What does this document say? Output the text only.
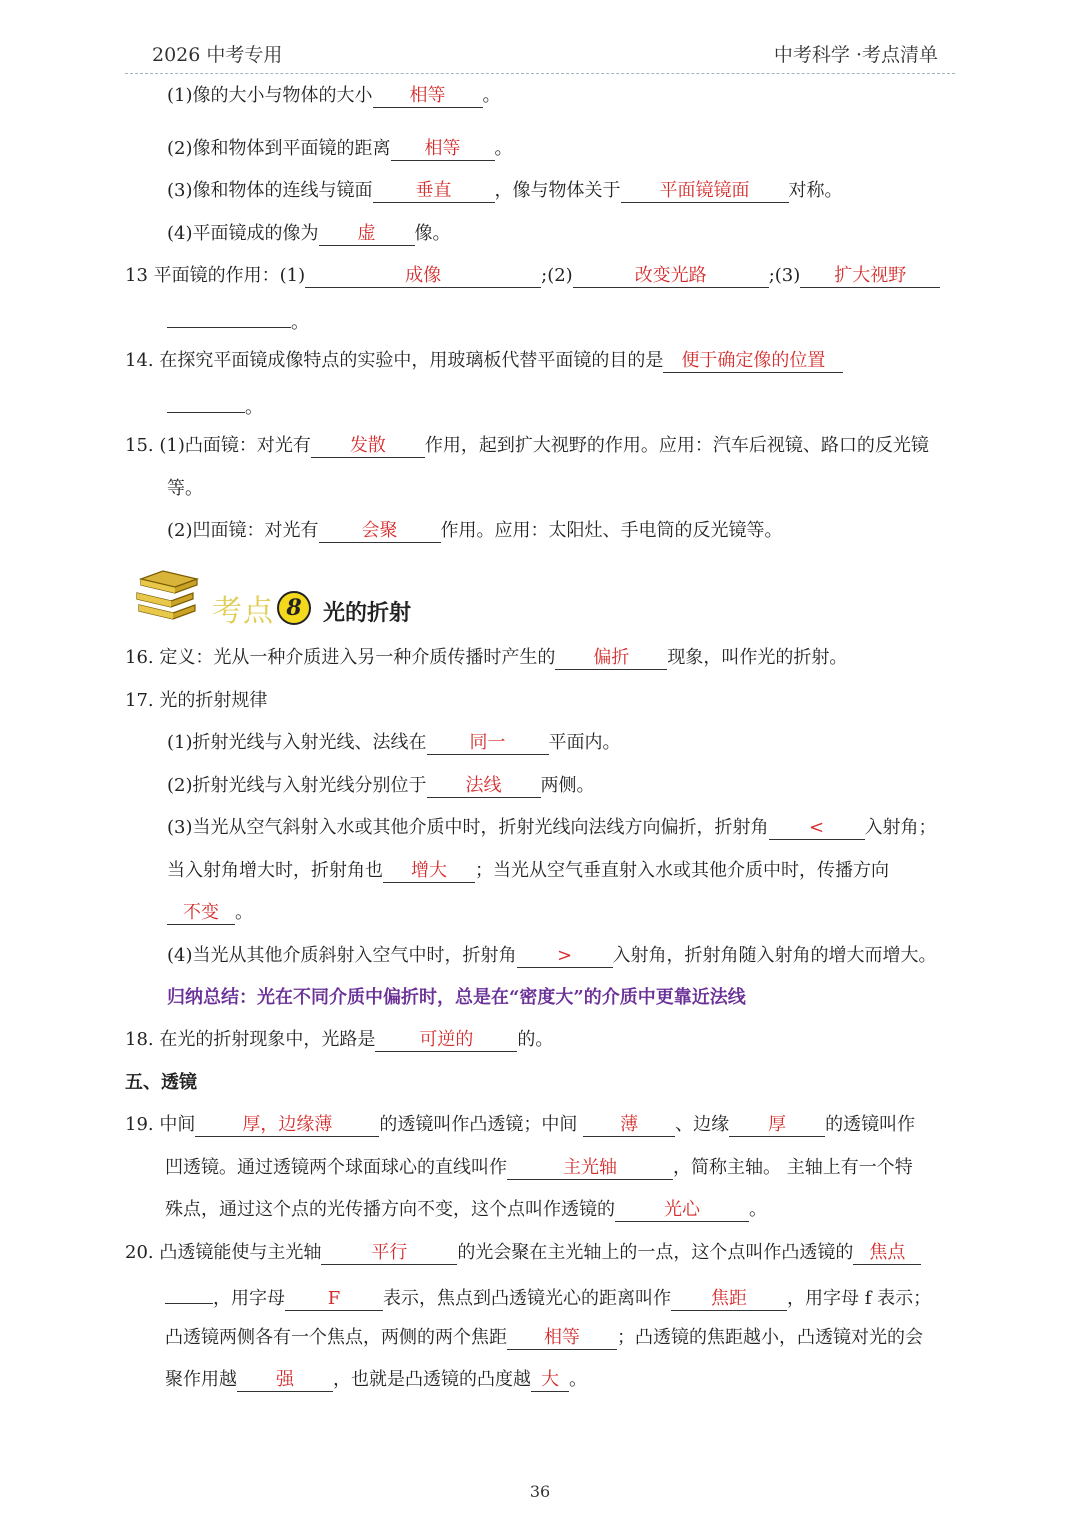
2026 中考专用	中考科学 ·考点清单
(1)像的大小与物体的大小 相等 。
(2)像和物体到平面镜的距离 相等 。
(3)像和物体的连线与镜面 垂直 ，像与物体关于 平面镜镜面 对称。
(4)平面镜成的像为 虚 像。
13 平面镜的作用：(1)	成像	;(2)	改变光路	;(3) 扩大视野
。
14. 在探究平面镜成像特点的实验中，用玻璃板代替平面镜的目的是 便于确定像的位置
。
15. (1)凸面镜：对光有 发散 作用，起到扩大视野的作用。应用：汽车后视镜、路口的反光镜
等。
(2)凹面镜：对光有 会聚 作用。应用：太阳灶、手电筒的反光镜等。
考点 8 光的折射
16. 定义：光从一种介质进入另一种介质传播时产生的 偏折 现象，叫作光的折射。
17. 光的折射规律
(1)折射光线与入射光线、法线在 同一 平面内。
(2)折射光线与入射光线分别位于 法线 两侧。
(3)当光从空气斜射入水或其他介质中时，折射光线向法线方向偏折，折射角 < 入射角；
当入射角增大时，折射角也 增大 ；当光从空气垂直射入水或其他介质中时，传播方向
不变 。
(4)当光从其他介质斜射入空气中时，折射角 > 入射角，折射角随入射角的增大而增大。
归纳总结：光在不同介质中偏折时，总是在“密度大”的介质中更靠近法线
18. 在光的折射现象中，光路是 可逆的 的。
五、透镜
19. 中间	厚，边缘薄	的透镜叫作凸透镜；中间 薄 、边缘 厚 的透镜叫作
凹透镜。通过透镜两个球面球心的直线叫作	主光轴	，简称主轴。 主轴上有一个特
殊点，通过这个点的光传播方向不变，这个点叫作透镜的	光心	。
20. 凸透镜能使与主光轴	平行	的光会聚在主光轴上的一点，这个点叫作凸透镜的 焦点
，用字母 F 表示，焦点到凸透镜光心的距离叫作 焦距 ，用字母 f 表示；
凸透镜两侧各有一个焦点，两侧的两个焦距 相等 ；凸透镜的焦距越小，凸透镜对光的会
聚作用越 强 ，也就是凸透镜的凸度越 大 。
36
